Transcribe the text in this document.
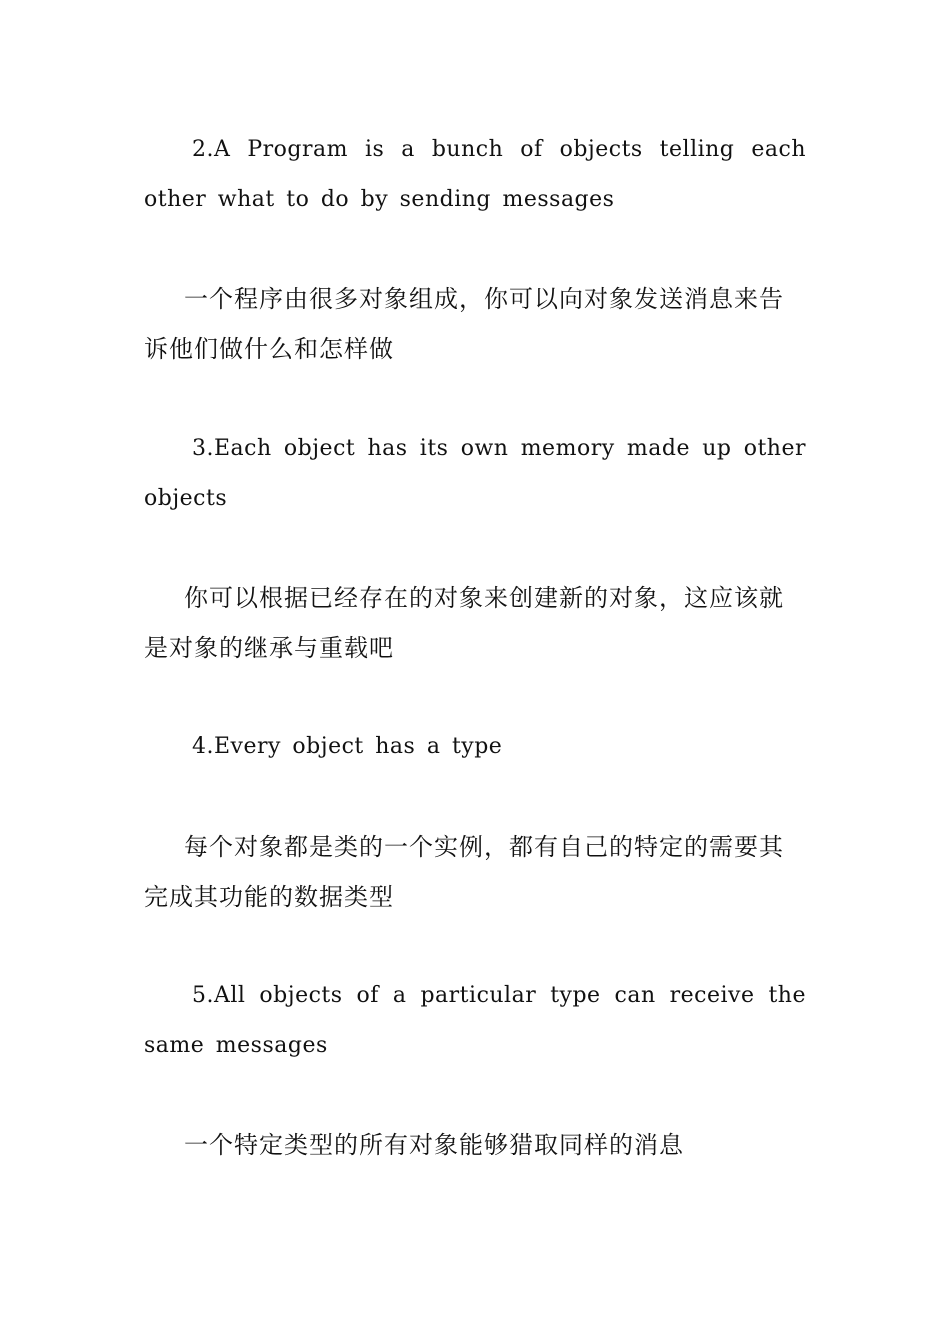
2.A Program is a bunch of objects telling each other what to do by sending messages

一个程序由很多对象组成，你可以向对象发送消息来告诉他们做什么和怎样做

3.Each object has its own memory made up other objects

你可以根据已经存在的对象来创建新的对象，这应该就是对象的继承与重载吧

4.Every object has a type

每个对象都是类的一个实例，都有自己的特定的需要其完成其功能的数据类型

5.All objects of a particular type can receive the same messages

一个特定类型的所有对象能够猎取同样的消息
